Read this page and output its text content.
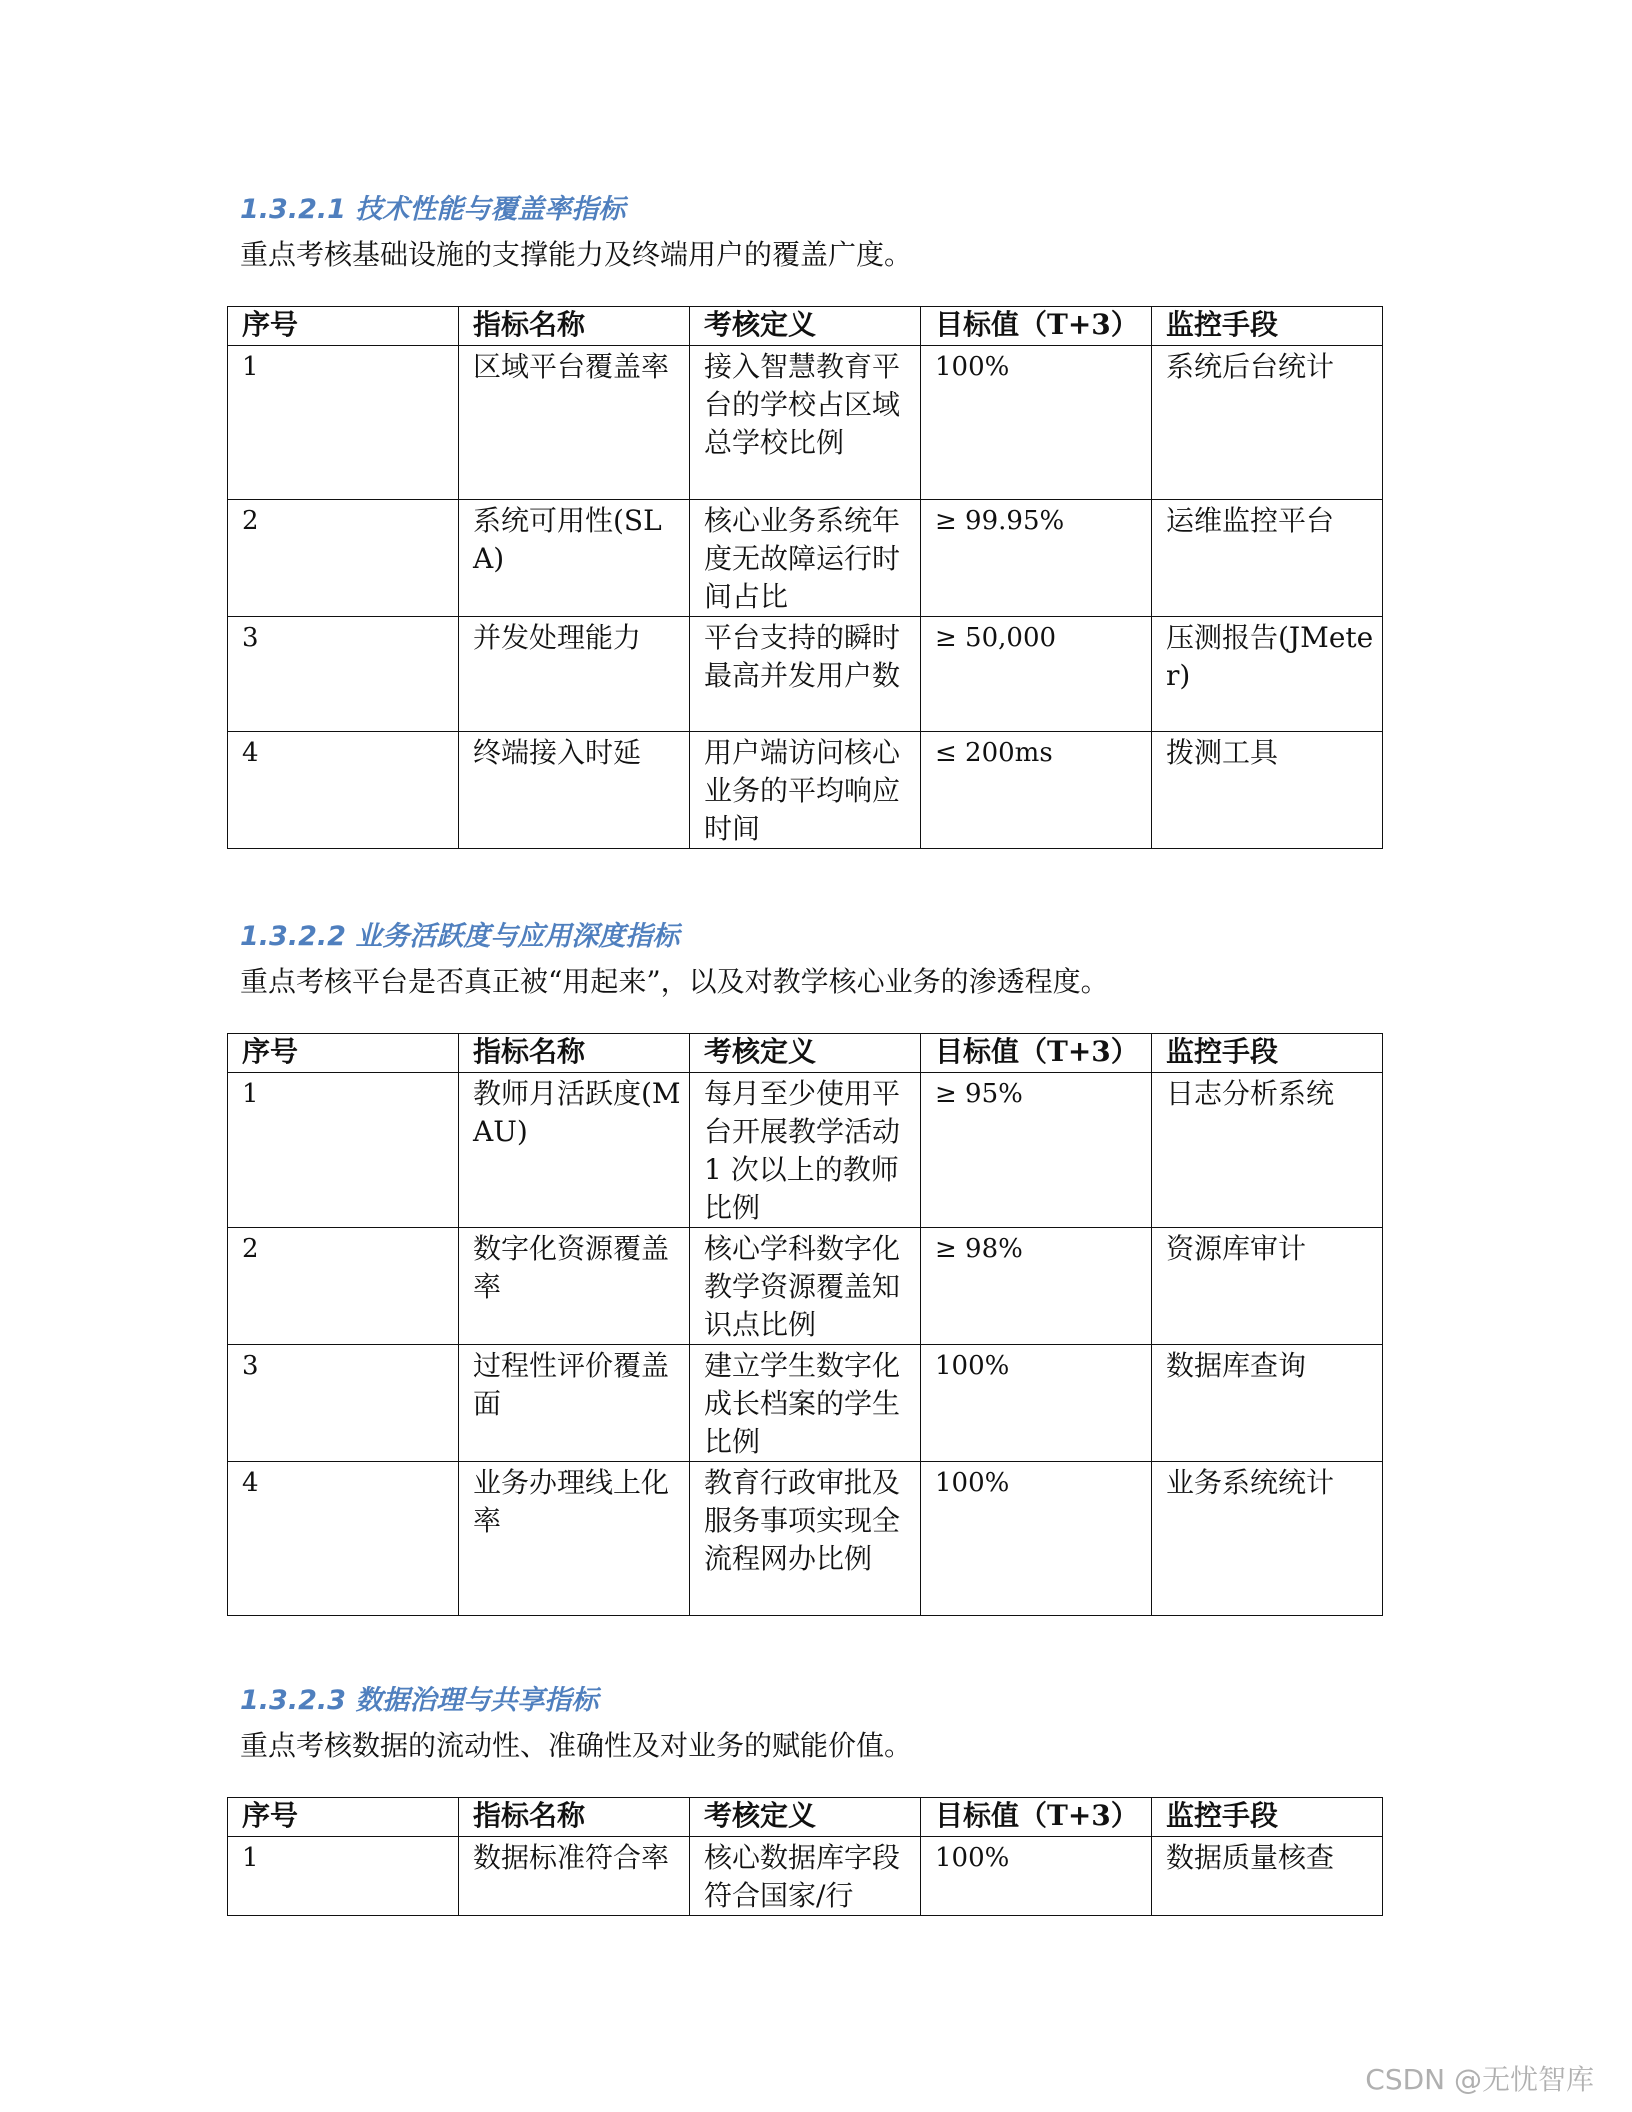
1.3.2.1 技术性能与覆盖率指标
重点考核基础设施的支撑能力及终端用户的覆盖广度。
序号	指标名称	考核定义	目标值（T+3）	监控手段
1	区域平台覆盖率	接入智慧教育平台的学校占区域总学校比例	100%	系统后台统计
2	系统可用性(SLA)	核心业务系统年度无故障运行时间占比	≥ 99.95%	运维监控平台
3	并发处理能力	平台支持的瞬时最高并发用户数	≥ 50,000	压测报告(JMeter)
4	终端接入时延	用户端访问核心业务的平均响应时间	≤ 200ms	拨测工具
1.3.2.2 业务活跃度与应用深度指标
重点考核平台是否真正被“用起来”，以及对教学核心业务的渗透程度。
序号	指标名称	考核定义	目标值（T+3）	监控手段
1	教师月活跃度(MAU)	每月至少使用平台开展教学活动 1 次以上的教师比例	≥ 95%	日志分析系统
2	数字化资源覆盖率	核心学科数字化教学资源覆盖知识点比例	≥ 98%	资源库审计
3	过程性评价覆盖面	建立学生数字化成长档案的学生比例	100%	数据库查询
4	业务办理线上化率	教育行政审批及服务事项实现全流程网办比例	100%	业务系统统计
1.3.2.3 数据治理与共享指标
重点考核数据的流动性、准确性及对业务的赋能价值。
序号	指标名称	考核定义	目标值（T+3）	监控手段
1	数据标准符合率	核心数据库字段符合国家/行	100%	数据质量核查
CSDN @无忧智库
